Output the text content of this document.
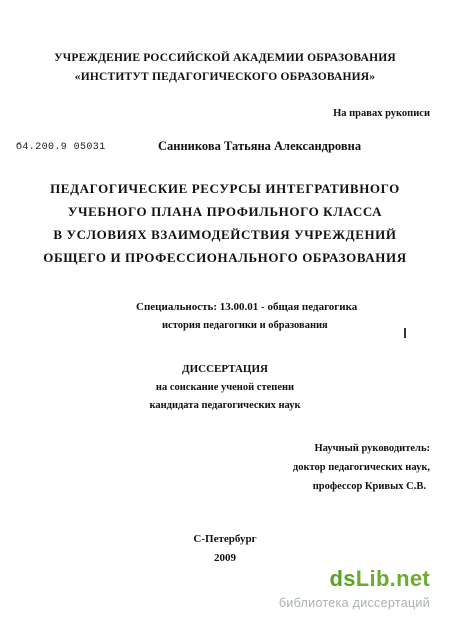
УЧРЕЖДЕНИЕ РОССИЙСКОЙ АКАДЕМИИ ОБРАЗОВАНИЯ
«ИНСТИТУТ ПЕДАГОГИЧЕСКОГО ОБРАЗОВАНИЯ»
На правах рукописи
Ϭ4.200.9 05031	Санникова Татьяна Александровна
ПЕДАГОГИЧЕСКИЕ РЕСУРСЫ ИНТЕГРАТИВНОГО
УЧЕБНОГО ПЛАНА ПРОФИЛЬНОГО КЛАССА
В УСЛОВИЯХ ВЗАИМОДЕЙСТВИЯ УЧРЕЖДЕНИЙ
ОБЩЕГО И ПРОФЕССИОНАЛЬНОГО ОБРАЗОВАНИЯ
Специальность: 13.00.01 - общая педагогика
история педагогики и образования
ДИССЕРТАЦИЯ
на соискание ученой степени
кандидата педагогических наук
Научный руководитель:
доктор педагогических наук,
профессор Кривых С.В.
С-Петербург
2009
dsLib.net
библиотека диссертаций
